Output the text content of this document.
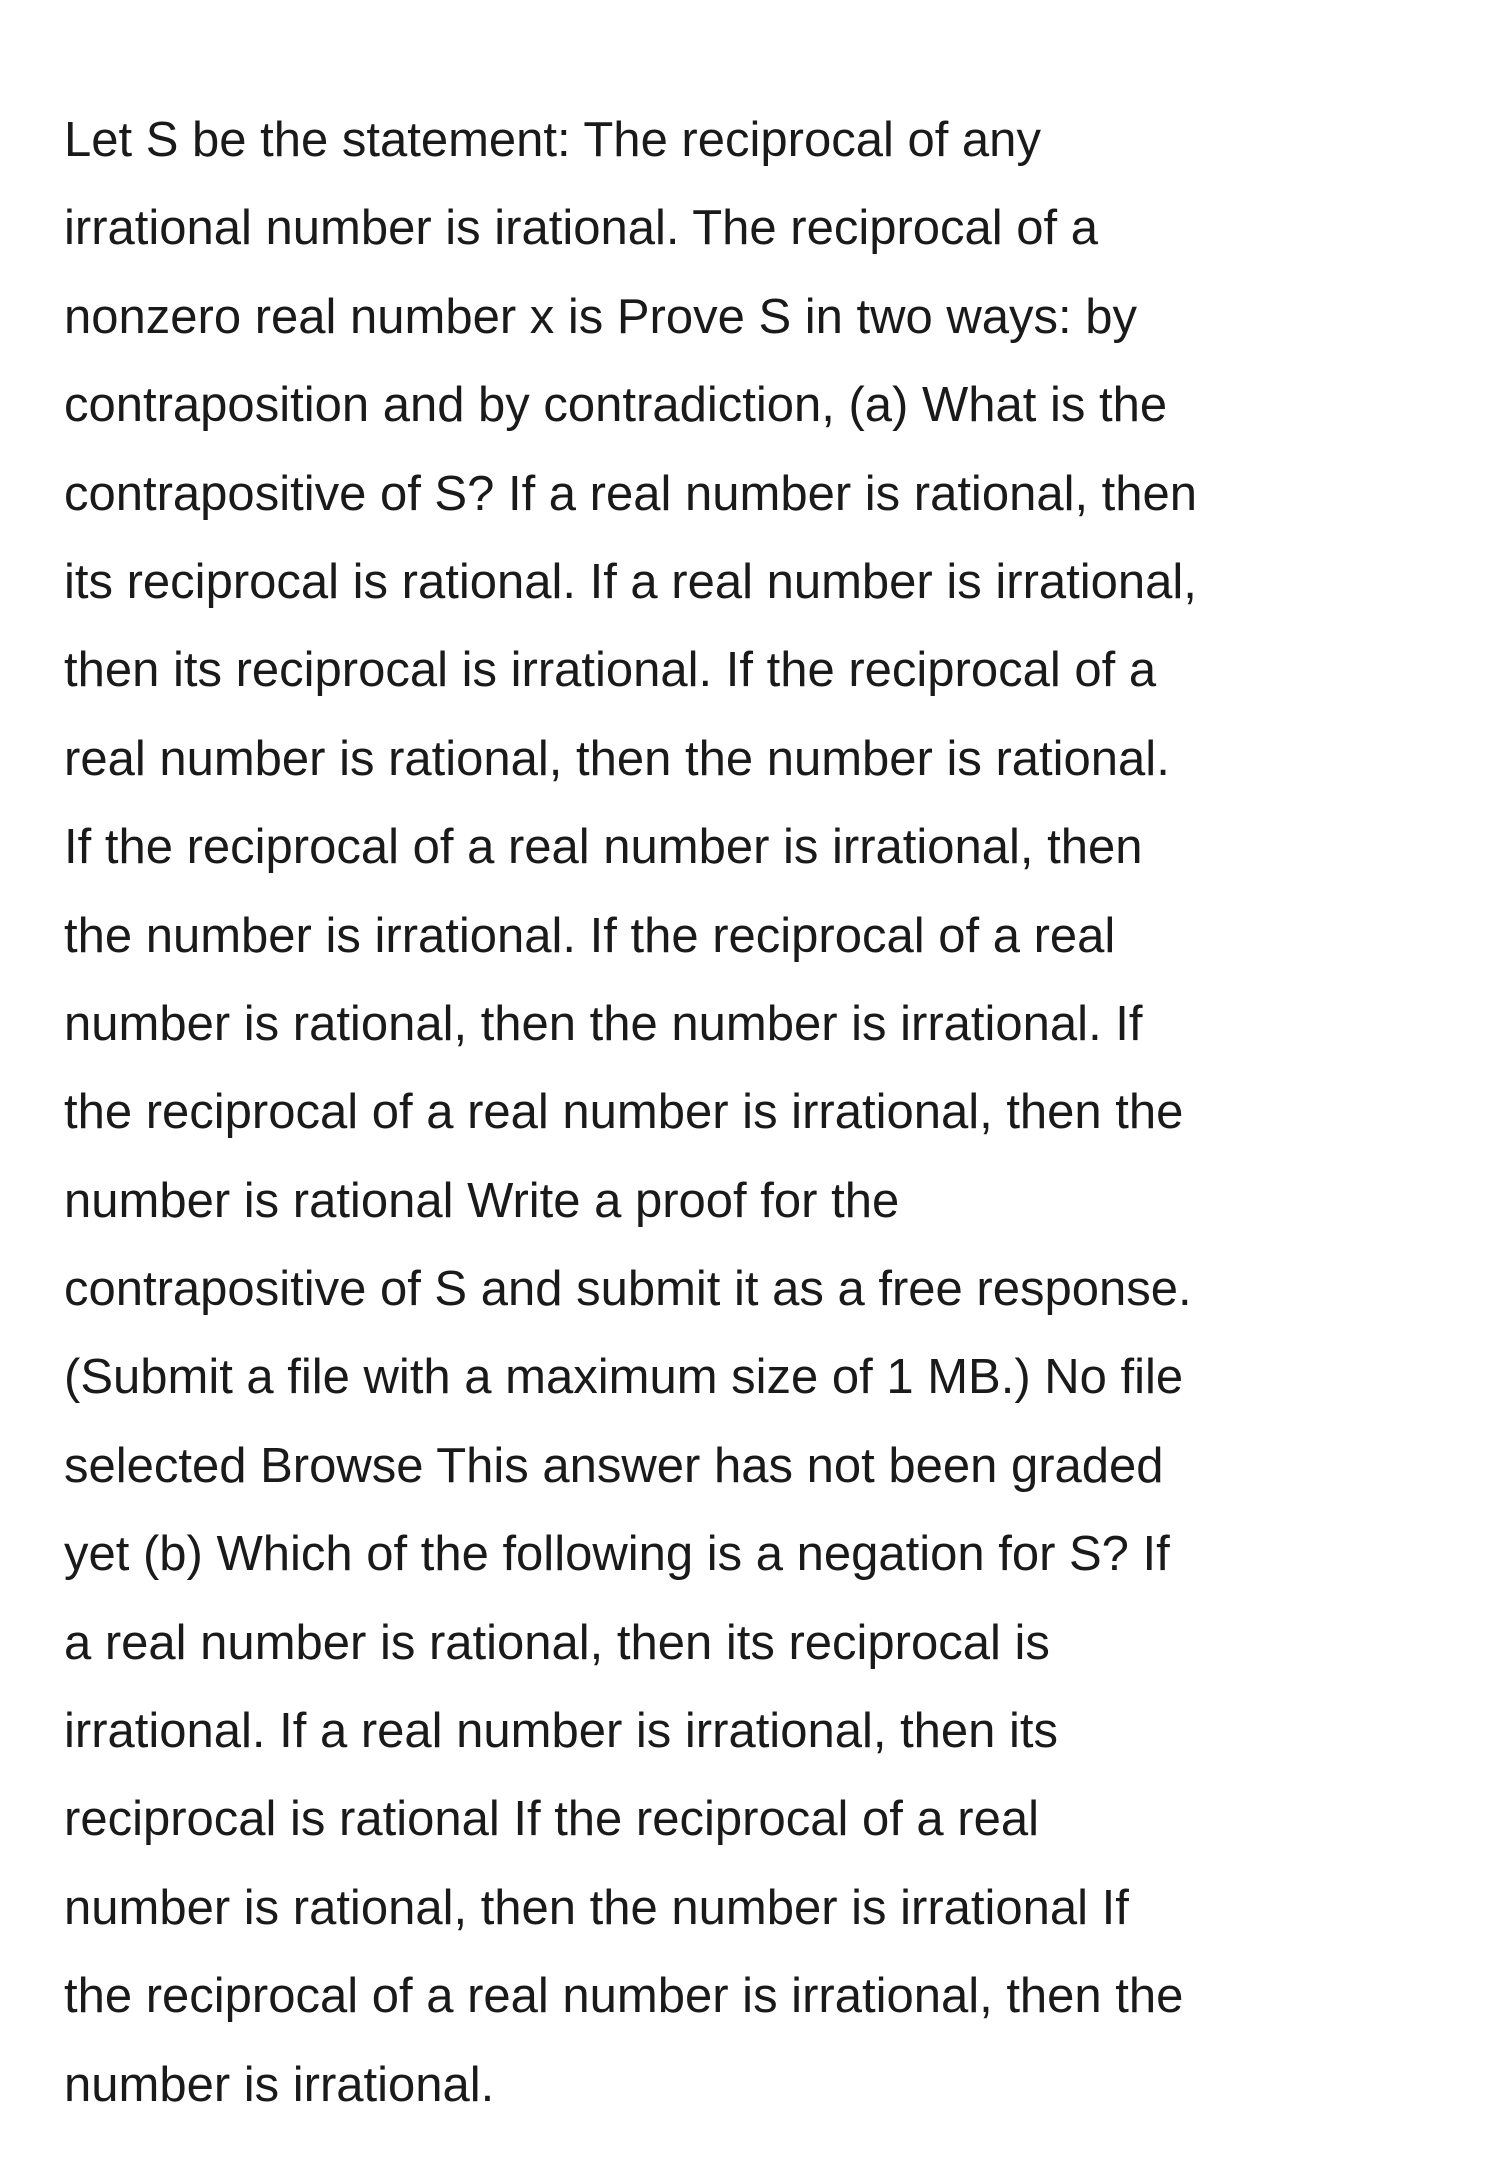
Let S be the statement: The reciprocal of any
irrational number is irational. The reciprocal of a
nonzero real number x is Prove S in two ways: by
contraposition and by contradiction, (a) What is the
contrapositive of S? If a real number is rational, then
its reciprocal is rational. If a real number is irrational,
then its reciprocal is irrational. If the reciprocal of a
real number is rational, then the number is rational.
If the reciprocal of a real number is irrational, then
the number is irrational. If the reciprocal of a real
number is rational, then the number is irrational. If
the reciprocal of a real number is irrational, then the
number is rational Write a proof for the
contrapositive of S and submit it as a free response.
(Submit a file with a maximum size of 1 MB.) No file
selected Browse This answer has not been graded
yet (b) Which of the following is a negation for S? If
a real number is rational, then its reciprocal is
irrational. If a real number is irrational, then its
reciprocal is rational If the reciprocal of a real
number is rational, then the number is irrational If
the reciprocal of a real number is irrational, then the
number is irrational.
